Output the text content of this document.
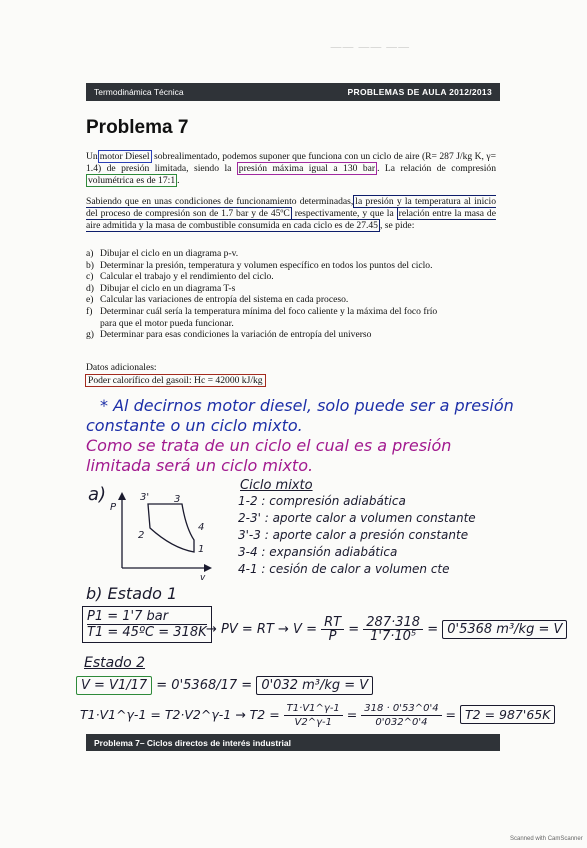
—— —— ——
Termodinámica Técnica	PROBLEMAS DE AULA 2012/2013
Problema 7
Un motor Diesel sobrealimentado, podemos suponer que funciona con un ciclo de aire (R= 287 J/kg K, γ= 1.4) de presión limitada, siendo la presión máxima igual a 130 bar . La relación de compresión volumétrica es de 17:1 .
Sabiendo que en unas condiciones de funcionamiento determinadas, la presión y la temperatura al inicio del proceso de compresión son de 1.7 bar y de 45ºC respectivamente, y que la relación entre la masa de aire admitida y la masa de combustible consumida en cada ciclo es de 27.45 , se pide:
a) Dibujar el ciclo en un diagrama p-v.
b) Determinar la presión, temperatura y volumen específico en todos los puntos del ciclo.
c) Calcular el trabajo y el rendimiento del ciclo.
d) Dibujar el ciclo en un diagrama T-s
e) Calcular las variaciones de entropía del sistema en cada proceso.
f) Determinar cuál sería la temperatura mínima del foco caliente y la máxima del foco frío
para que el motor pueda funcionar.
g) Determinar para esas condiciones la variación de entropía del universo
Datos adicionales:
Poder calorífico del gasoil: Hc = 42000 kJ/kg
* Al decirnos motor diesel, solo puede ser a presión
constante o un ciclo mixto.
Como se trata de un ciclo el cual es a presión
limitada será un ciclo mixto.
a)
P
v
3' 3
2
4
1
Ciclo mixto
1-2 : compresión adiabática
2-3' : aporte calor a volumen constante
3'-3 : aporte calor a presión constante
3-4 : expansión adiabática
4-1 : cesión de calor a volumen cte
b) Estado 1
P1 = 1'7 bar
T1 = 45ºC = 318K → PV = RT → $V = \frac{RT}{P} = \frac{287\cdot 318}{\text{1'7·10⁵}} = 0'5368$ m³/kg = V
Estado 2
V = V1/17 = 0'5368/17 = 0'032 m³/kg = V
T1·V1^γ-1 = T2·V2^γ-1 → $T2 = \frac{T1\cdot V1\^{}\gamma-1}{V2\^{}\gamma-1} = \frac{318 \cdot 0'53\^{}0'4}{0'032\^{}0'4} = T2 = 987'65K$
Problema 7– Ciclos directos de interés industrial
Scanned with CamScanner
